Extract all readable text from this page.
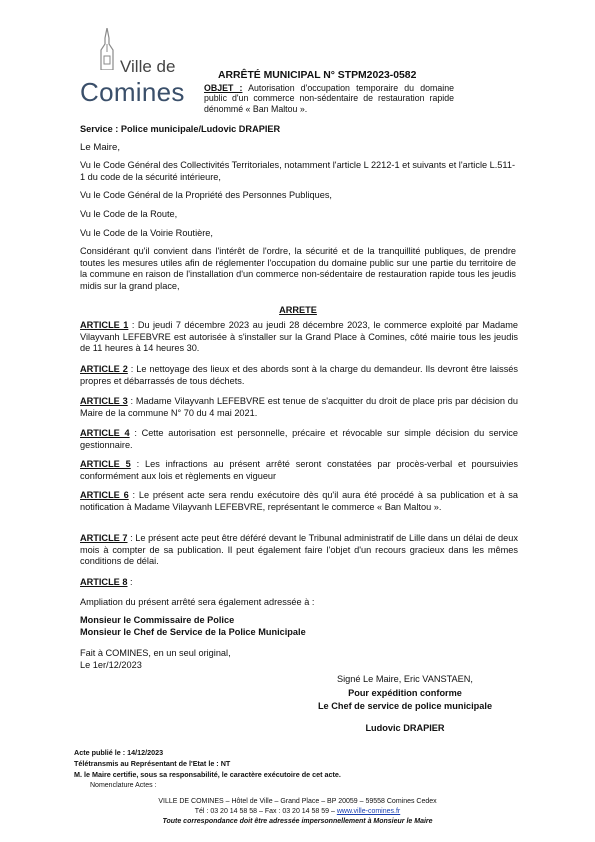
Ville de
Comines
ARRÊTÉ MUNICIPAL N° STPM2023-0582
OBJET : Autorisation d'occupation temporaire du domaine public d'un commerce non-sédentaire de restauration rapide dénommé « Ban Maltou ».
Service : Police municipale/Ludovic DRAPIER
Le Maire,
Vu le Code Général des Collectivités Territoriales, notamment l'article L 2212-1 et suivants et l'article L.511-1 du code de la sécurité intérieure,
Vu le Code Général de la Propriété des Personnes Publiques,
Vu le Code de la Route,
Vu le Code de la Voirie Routière,
Considérant qu'il convient dans l'intérêt de l'ordre, la sécurité et de la tranquillité publiques, de prendre toutes les mesures utiles afin de réglementer l'occupation du domaine public sur une partie du territoire de la commune en raison de l'installation d'un commerce non-sédentaire de restauration rapide tous les jeudis midis sur la grand place,
ARRETE
ARTICLE 1 : Du jeudi 7 décembre 2023 au jeudi 28 décembre 2023, le commerce exploité par Madame Vilayvanh LEFEBVRE est autorisée à s'installer sur la Grand Place à Comines, côté mairie tous les jeudis de 11 heures à 14 heures 30.
ARTICLE 2 : Le nettoyage des lieux et des abords sont à la charge du demandeur. Ils devront être laissés propres et débarrassés de tous déchets.
ARTICLE 3 : Madame Vilayvanh LEFEBVRE est tenue de s'acquitter du droit de place pris par décision du Maire de la commune N° 70 du 4 mai 2021.
ARTICLE 4 : Cette autorisation est personnelle, précaire et révocable sur simple décision du service gestionnaire.
ARTICLE 5 : Les infractions au présent arrêté seront constatées par procès-verbal et poursuivies conformément aux lois et règlements en vigueur
ARTICLE 6 : Le présent acte sera rendu exécutoire dès qu'il aura été procédé à sa publication et à sa notification à Madame Vilayvanh LEFEBVRE, représentant le commerce « Ban Maltou ».
ARTICLE 7 : Le présent acte peut être déféré devant le Tribunal administratif de Lille dans un délai de deux mois à compter de sa publication. Il peut également faire l'objet d'un recours gracieux dans les mêmes conditions de délai.
ARTICLE 8 :
Ampliation du présent arrêté sera également adressée à :
Monsieur le Commissaire de Police
Monsieur le Chef de Service de la Police Municipale
Fait à COMINES, en un seul original,
Le 1er/12/2023
Signé Le Maire, Eric VANSTAEN,
Pour expédition conforme
Le Chef de service de police municipale
Ludovic DRAPIER
Acte publié le : 14/12/2023
Télétransmis au Représentant de l'Etat le : NT
M. le Maire certifie, sous sa responsabilité, le caractère exécutoire de cet acte.
Nomenclature Actes :
VILLE DE COMINES – Hôtel de Ville – Grand Place – BP 20059 – 59558 Comines Cedex
Tél : 03 20 14 58 58 – Fax : 03 20 14 58 59 – www.ville-comines.fr
Toute correspondance doit être adressée impersonnellement à Monsieur le Maire
